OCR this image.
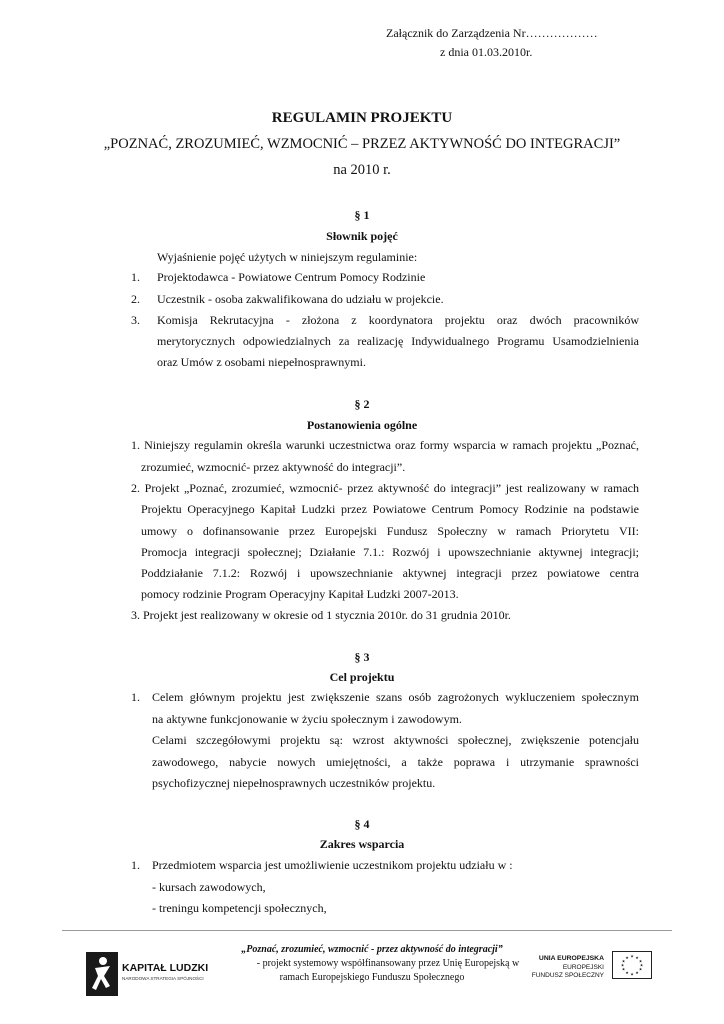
Załącznik do Zarządzenia Nr………………
z dnia 01.03.2010r.
REGULAMIN PROJEKTU
„POZNAĆ, ZROZUMIEĆ, WZMOCNIĆ – PRZEZ AKTYWNOŚĆ DO INTEGRACJI”
na 2010 r.
§ 1
Słownik pojęć
Wyjaśnienie pojęć użytych w niniejszym regulaminie:
1. Projektodawca - Powiatowe Centrum Pomocy Rodzinie
2. Uczestnik - osoba zakwalifikowana do udziału w projekcie.
3. Komisja Rekrutacyjna - złożona z koordynatora projektu oraz dwóch pracowników
merytorycznych odpowiedzialnych za realizację Indywidualnego Programu Usamodzielnienia
oraz Umów z osobami niepełnosprawnymi.
§ 2
Postanowienia ogólne
1. Niniejszy regulamin określa warunki uczestnictwa oraz formy wsparcia w ramach projektu „Poznać,
zrozumieć, wzmocnić- przez aktywność do integracji”.
2. Projekt „Poznać, zrozumieć, wzmocnić- przez aktywność do integracji” jest realizowany w ramach
Projektu Operacyjnego Kapitał Ludzki przez Powiatowe Centrum Pomocy Rodzinie na podstawie
umowy o dofinansowanie przez Europejski Fundusz Społeczny w ramach Priorytetu VII:
Promocja integracji społecznej; Działanie 7.1.: Rozwój i upowszechnianie aktywnej integracji;
Poddziałanie 7.1.2: Rozwój i upowszechnianie aktywnej integracji przez powiatowe centra
pomocy rodzinie Program Operacyjny Kapitał Ludzki 2007-2013.
3. Projekt jest realizowany w okresie od 1 stycznia 2010r. do 31 grudnia 2010r.
§ 3
Cel projektu
1. Celem głównym projektu jest zwiększenie szans osób zagrożonych wykluczeniem społecznym
na aktywne funkcjonowanie w życiu społecznym i zawodowym.
Celami szczegółowymi projektu są: wzrost aktywności społecznej, zwiększenie potencjału
zawodowego, nabycie nowych umiejętności, a także poprawa i utrzymanie sprawności
psychofizycznej niepełnosprawnych uczestników projektu.
§ 4
Zakres wsparcia
1. Przedmiotem wsparcia jest umożliwienie uczestnikom projektu udziału w :
- kursach zawodowych,
- treningu kompetencji społecznych,
KAPITAŁ LUDZKI
NARODOWA STRATEGIA SPÓJNOŚCI
„Poznać, zrozumieć, wzmocnić - przez aktywność do integracji”
- projekt systemowy współfinansowany przez Unię Europejską w
ramach Europejskiego Funduszu Społecznego
UNIA EUROPEJSKA
EUROPEJSKI
FUNDUSZ SPOŁECZNY
★ ★
★
★
★
★
★
★
★
★
★
★
